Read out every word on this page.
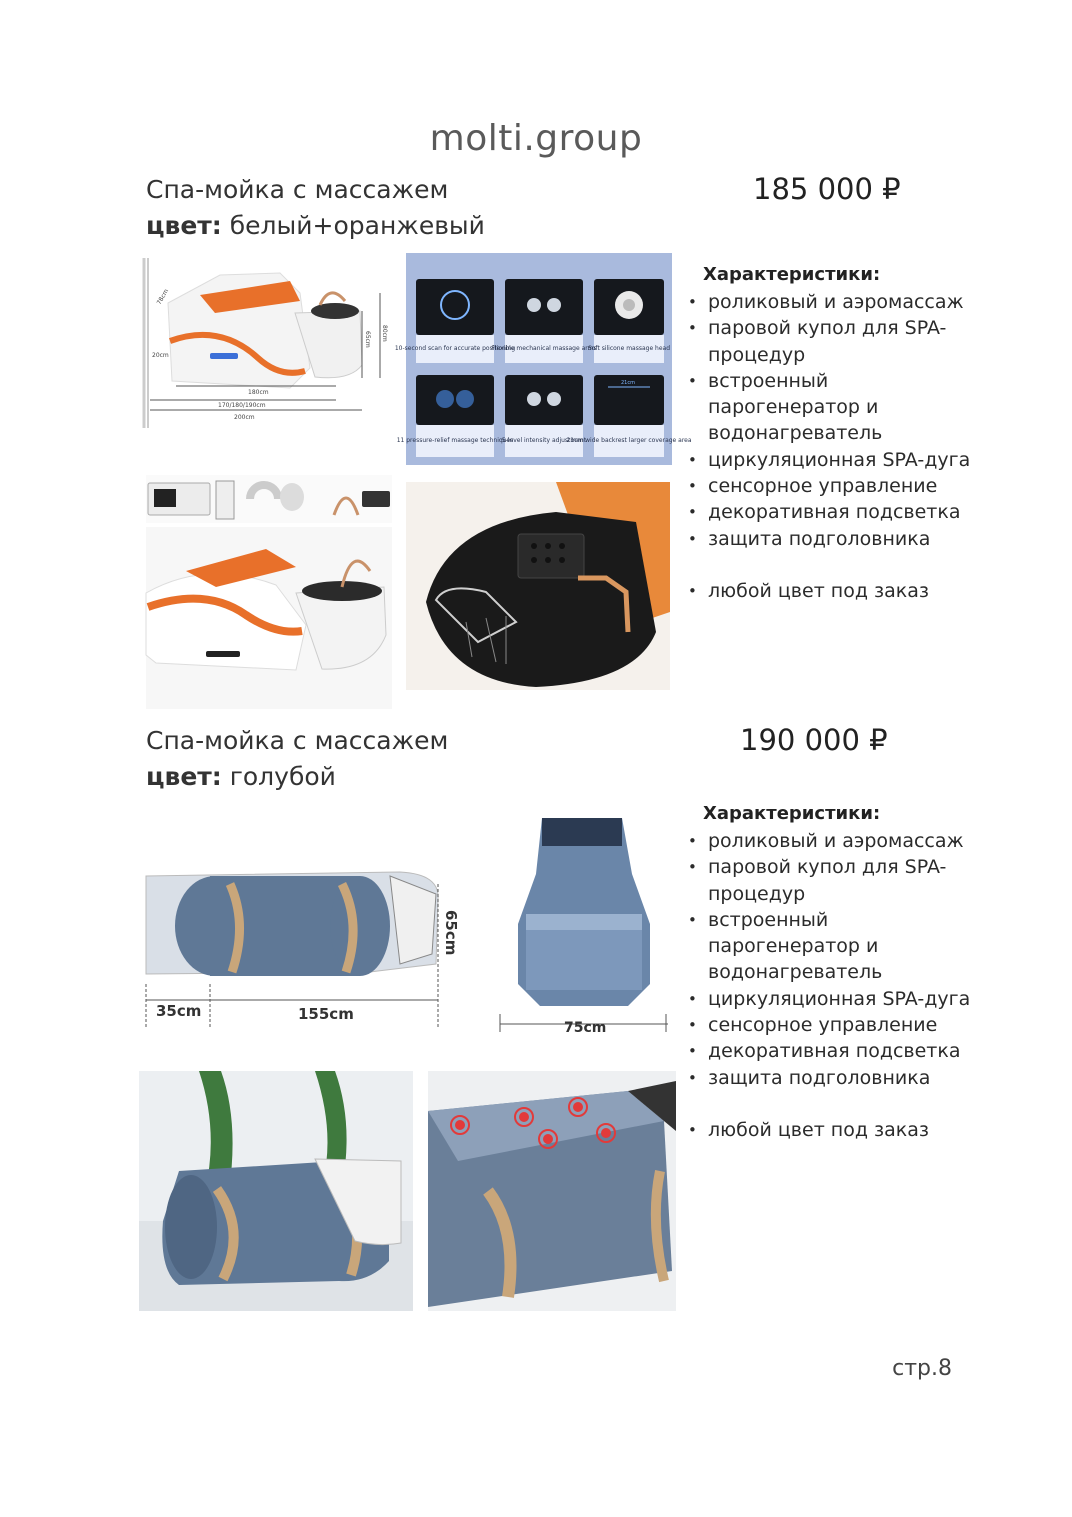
molti.group
Спа-мойка с массажем
цвет: белый+оранжевый
185 000 ₽
78cm
20cm
180cm
170/180/190cm
200cm
65cm 80cm
21cm
10-second scan for accurate positioning
Flexible mechanical massage arms
Soft silicone massage head
11 pressure-relief massage techniques
5-level intensity adjustment
21cm wide backrest larger coverage area
Характеристики:
• роликовый и аэромассаж
• паровой купол для SPA-процедур
• встроенный парогенератор и водонагреватель
• циркуляционная SPA-дуга
• сенсорное управление
• декоративная подсветка
• защита подголовника
• любой цвет под заказ
Спа-мойка с массажем
цвет: голубой
190 000 ₽
35cm	155cm
65cm
75cm
Характеристики:
• роликовый и аэромассаж
• паровой купол для SPA-процедур
• встроенный парогенератор и водонагреватель
• циркуляционная SPA-дуга
• сенсорное управление
• декоративная подсветка
• защита подголовника
• любой цвет под заказ
стр.8
